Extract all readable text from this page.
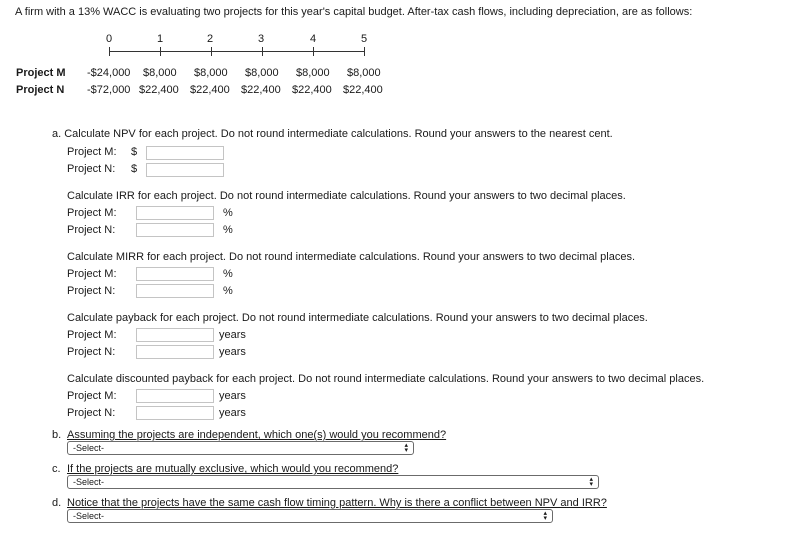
A firm with a 13% WACC is evaluating two projects for this year's capital budget. After-tax cash flows, including depreciation, are as follows:
0	1	2	3	4	5
Project M -$24,000 $8,000 $8,000 $8,000 $8,000 $8,000
Project N -$72,000 $22,400 $22,400 $22,400 $22,400 $22,400
a. Calculate NPV for each project. Do not round intermediate calculations. Round your answers to the nearest cent.
Project M: $
Project N: $
Calculate IRR for each project. Do not round intermediate calculations. Round your answers to two decimal places.
Project M:	%
Project N:	%
Calculate MIRR for each project. Do not round intermediate calculations. Round your answers to two decimal places.
Project M:	%
Project N:	%
Calculate payback for each project. Do not round intermediate calculations. Round your answers to two decimal places.
Project M:	years
Project N:	years
Calculate discounted payback for each project. Do not round intermediate calculations. Round your answers to two decimal places.
Project M:	years
Project N:	years
b. Assuming the projects are independent, which one(s) would you recommend?
-Select-	▴
▾
c. If the projects are mutually exclusive, which would you recommend?
-Select-	▴
▾
d. Notice that the projects have the same cash flow timing pattern. Why is there a conflict between NPV and IRR?
-Select-	▴
▾
